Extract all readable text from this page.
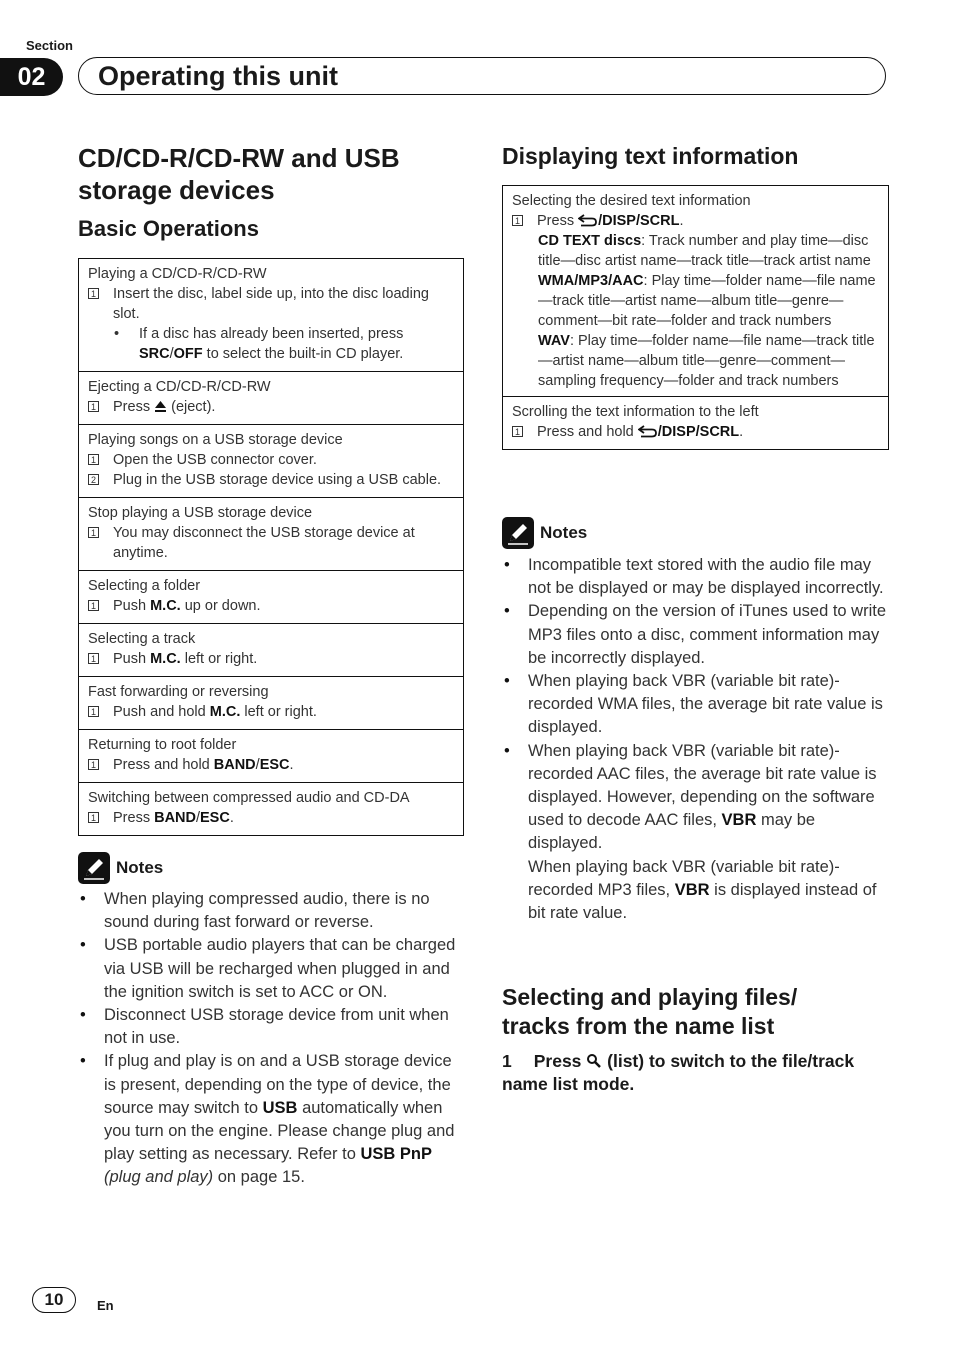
Section
02	Operating this unit
CD/CD-R/CD-RW and USB
storage devices
Basic Operations
Playing a CD/CD-R/CD-RW
1 Insert the disc, label side up, into the disc loading slot.
• If a disc has already been inserted, press SRC/OFF to select the built-in CD player.
Ejecting a CD/CD-R/CD-RW
1 Press  (eject).
Playing songs on a USB storage device
1 Open the USB connector cover.
2 Plug in the USB storage device using a USB cable.
Stop playing a USB storage device
1 You may disconnect the USB storage device at anytime.
Selecting a folder
1 Push M.C. up or down.
Selecting a track
1 Push M.C. left or right.
Fast forwarding or reversing
1 Push and hold M.C. left or right.
Returning to root folder
1 Press and hold BAND/ESC.
Switching between compressed audio and CD-DA
1 Press BAND/ESC.
Notes
• When playing compressed audio, there is no sound during fast forward or reverse.
• USB portable audio players that can be charged via USB will be recharged when plugged in and the ignition switch is set to ACC or ON.
• Disconnect USB storage device from unit when not in use.
• If plug and play is on and a USB storage device is present, depending on the type of device, the source may switch to USB automatically when you turn on the engine. Please change plug and play setting as necessary. Refer to USB PnP (plug and play) on page 15.
Displaying text information
Selecting the desired text information
1 Press /DISP/SCRL.
CD TEXT discs: Track number and play time—disc title—disc artist name—track title—track artist name
WMA/MP3/AAC: Play time—folder name—file name—track title—artist name—album title—genre—comment—bit rate—folder and track numbers
WAV: Play time—folder name—file name—track title—artist name—album title—genre—comment—sampling frequency—folder and track numbers
Scrolling the text information to the left
1 Press and hold /DISP/SCRL.
Notes
• Incompatible text stored with the audio file may not be displayed or may be displayed incorrectly.
• Depending on the version of iTunes used to write MP3 files onto a disc, comment information may be incorrectly displayed.
• When playing back VBR (variable bit rate)-recorded WMA files, the average bit rate value is displayed.
• When playing back VBR (variable bit rate)-recorded AAC files, the average bit rate value is displayed. However, depending on the software used to decode AAC files, VBR may be displayed.
When playing back VBR (variable bit rate)-recorded MP3 files, VBR is displayed instead of bit rate value.
Selecting and playing files/
tracks from the name list
1 Press  (list) to switch to the file/track name list mode.
10	En
